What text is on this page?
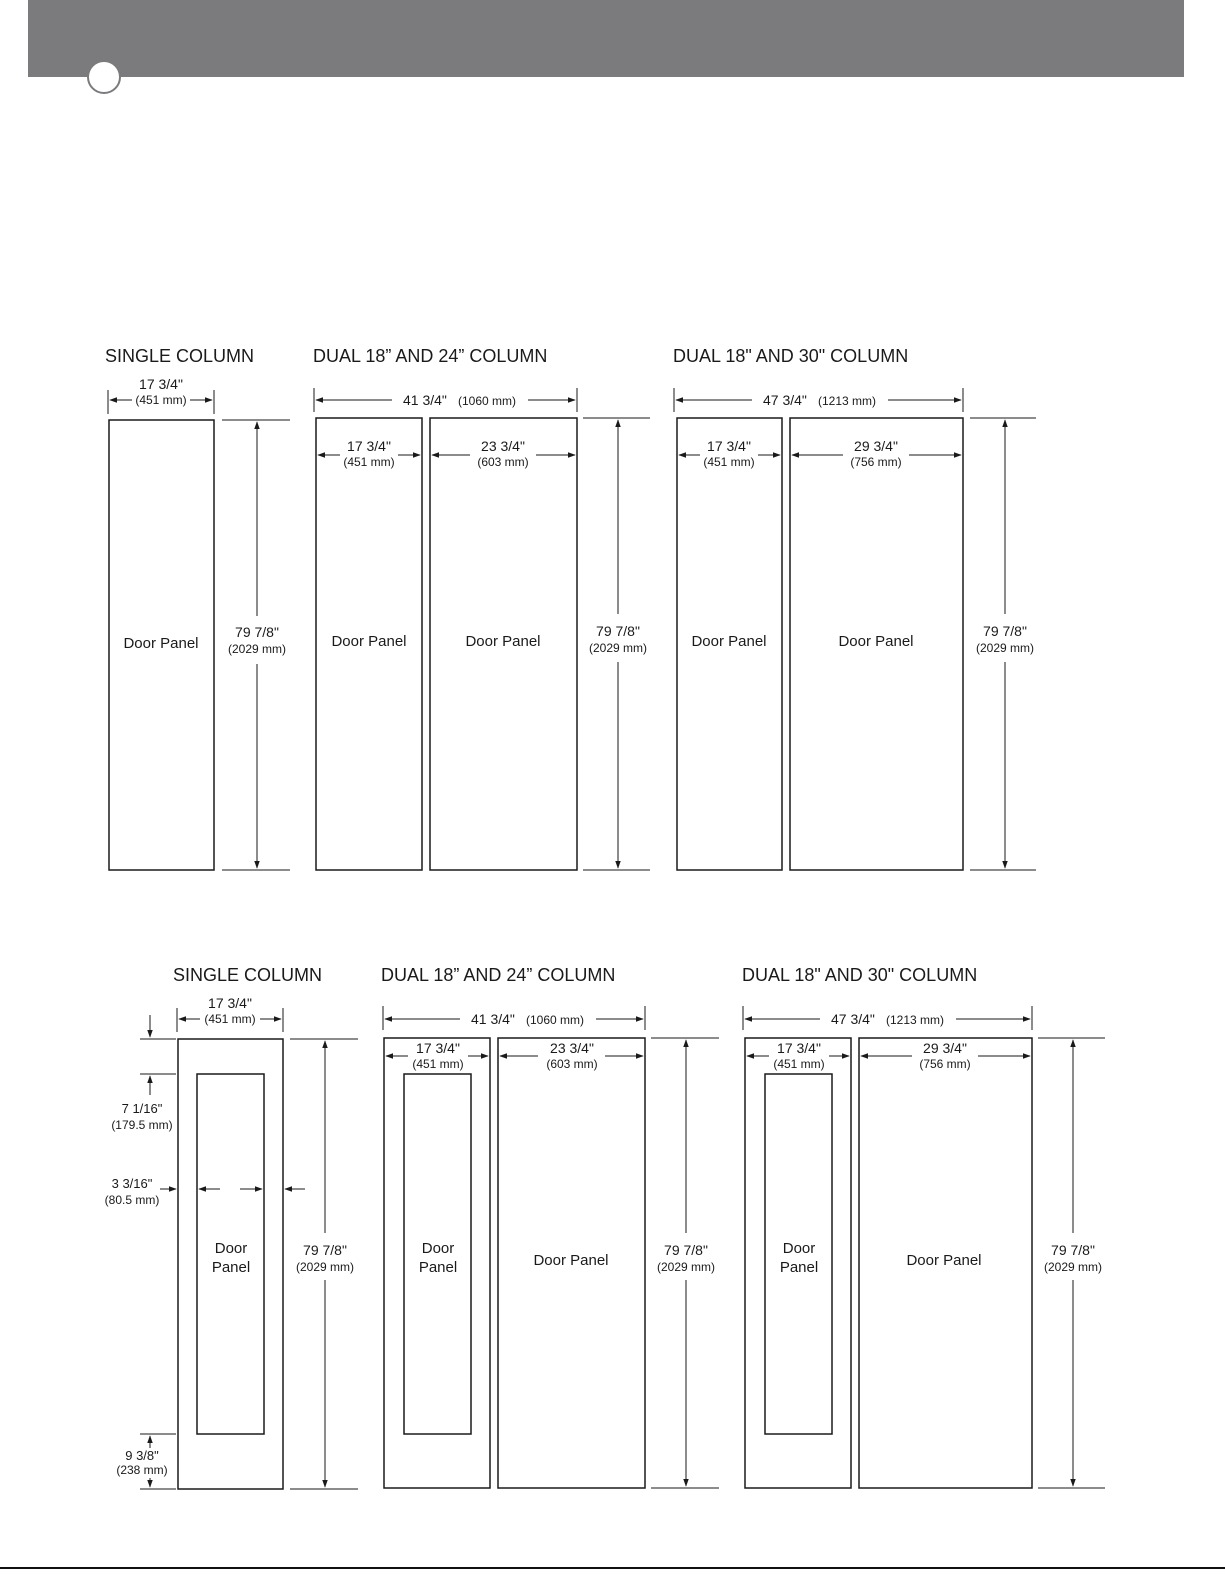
SINGLE COLUMN
17 3/4"
(451 mm)
Door Panel
79 7/8"
(2029 mm)
DUAL 18” AND 24” COLUMN
41 3/4" (1060 mm)
17 3/4"
(451 mm)
23 3/4"
(603 mm)
Door Panel	Door Panel
79 7/8"
(2029 mm)
DUAL 18" AND 30" COLUMN
47 3/4" (1213 mm)
17 3/4"
(451 mm)
29 3/4"
(756 mm)
Door Panel	Door Panel
79 7/8"
(2029 mm)
SINGLE COLUMN
17 3/4"
(451 mm)
Door
Panel
7 1/16"
(179.5 mm)
3 3/16"
(80.5 mm)
9 3/8"
(238 mm)
79 7/8"
(2029 mm)
DUAL 18” AND 24” COLUMN
41 3/4" (1060 mm)
17 3/4"
(451 mm)
23 3/4"
(603 mm)
Door
Panel	Door Panel
79 7/8"
(2029 mm)
DUAL 18" AND 30" COLUMN
47 3/4" (1213 mm)
17 3/4"
(451 mm)
29 3/4"
(756 mm)
Door
Panel	Door Panel
79 7/8"
(2029 mm)
